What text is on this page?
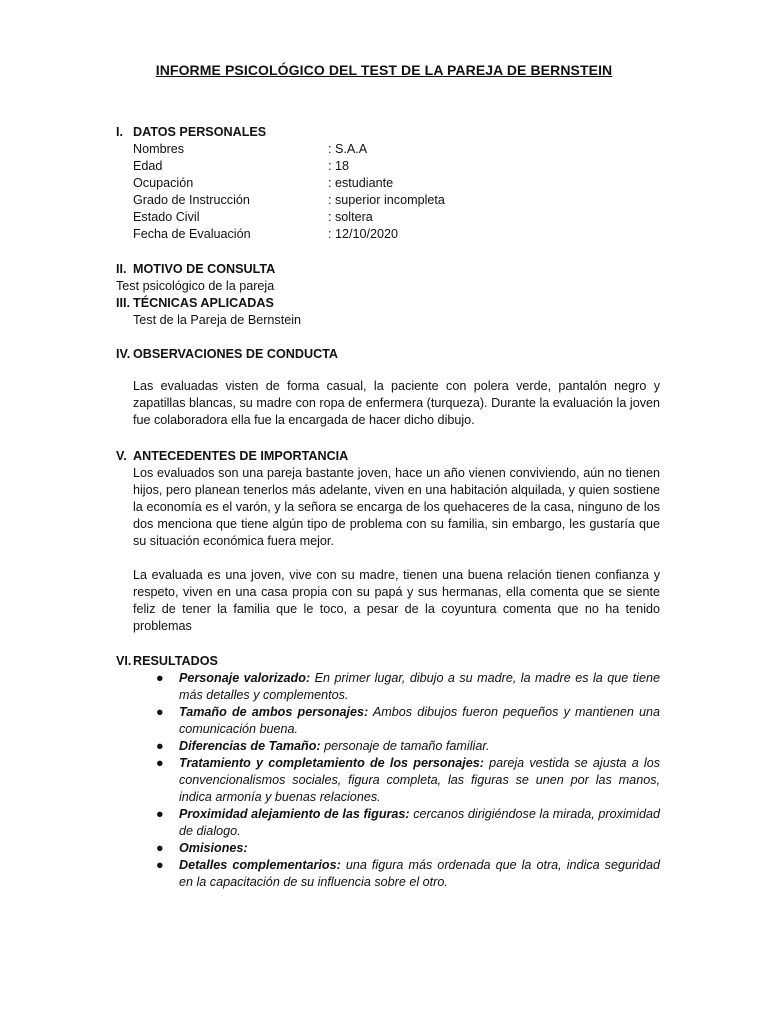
INFORME PSICOLÓGICO DEL TEST DE LA PAREJA DE BERNSTEIN
I. DATOS PERSONALES
Nombres	: S.A.A
Edad	: 18
Ocupación	: estudiante
Grado de Instrucción	: superior incompleta
Estado Civil	: soltera
Fecha de Evaluación	: 12/10/2020
II. MOTIVO DE CONSULTA
Test psicológico de la pareja
III. TÉCNICAS APLICADAS
Test de la Pareja de Bernstein
IV. OBSERVACIONES DE CONDUCTA
Las evaluadas visten de forma casual, la paciente con polera verde, pantalón negro y zapatillas blancas, su madre con ropa de enfermera (turqueza). Durante la evaluación la joven fue colaboradora ella fue la encargada de hacer dicho dibujo.
V. ANTECEDENTES DE IMPORTANCIA
Los evaluados son una pareja bastante joven, hace un año vienen conviviendo, aún no tienen hijos, pero planean tenerlos más adelante, viven en una habitación alquilada, y quien sostiene la economía es el varón, y la señora se encarga de los quehaceres de la casa, ninguno de los dos menciona que tiene algún tipo de problema con su familia, sin embargo, les gustaría que su situación económica fuera mejor.
La evaluada es una joven, vive con su madre, tienen una buena relación tienen confianza y respeto, viven en una casa propia con su papá y sus hermanas, ella comenta que se siente feliz de tener la familia que le toco, a pesar de la coyuntura comenta que no ha tenido problemas
VI. RESULTADOS
● Personaje valorizado: En primer lugar, dibujo a su madre, la madre es la que tiene más detalles y complementos.
● Tamaño de ambos personajes: Ambos dibujos fueron pequeños y mantienen una comunicación buena.
● Diferencias de Tamaño: personaje de tamaño familiar.
● Tratamiento y completamiento de los personajes: pareja vestida se ajusta a los convencionalismos sociales, figura completa, las figuras se unen por las manos, indica armonía y buenas relaciones.
● Proximidad alejamiento de las figuras: cercanos dirigiéndose la mirada, proximidad de dialogo.
● Omisiones:
● Detalles complementarios: una figura más ordenada que la otra, indica seguridad en la capacitación de su influencia sobre el otro.
